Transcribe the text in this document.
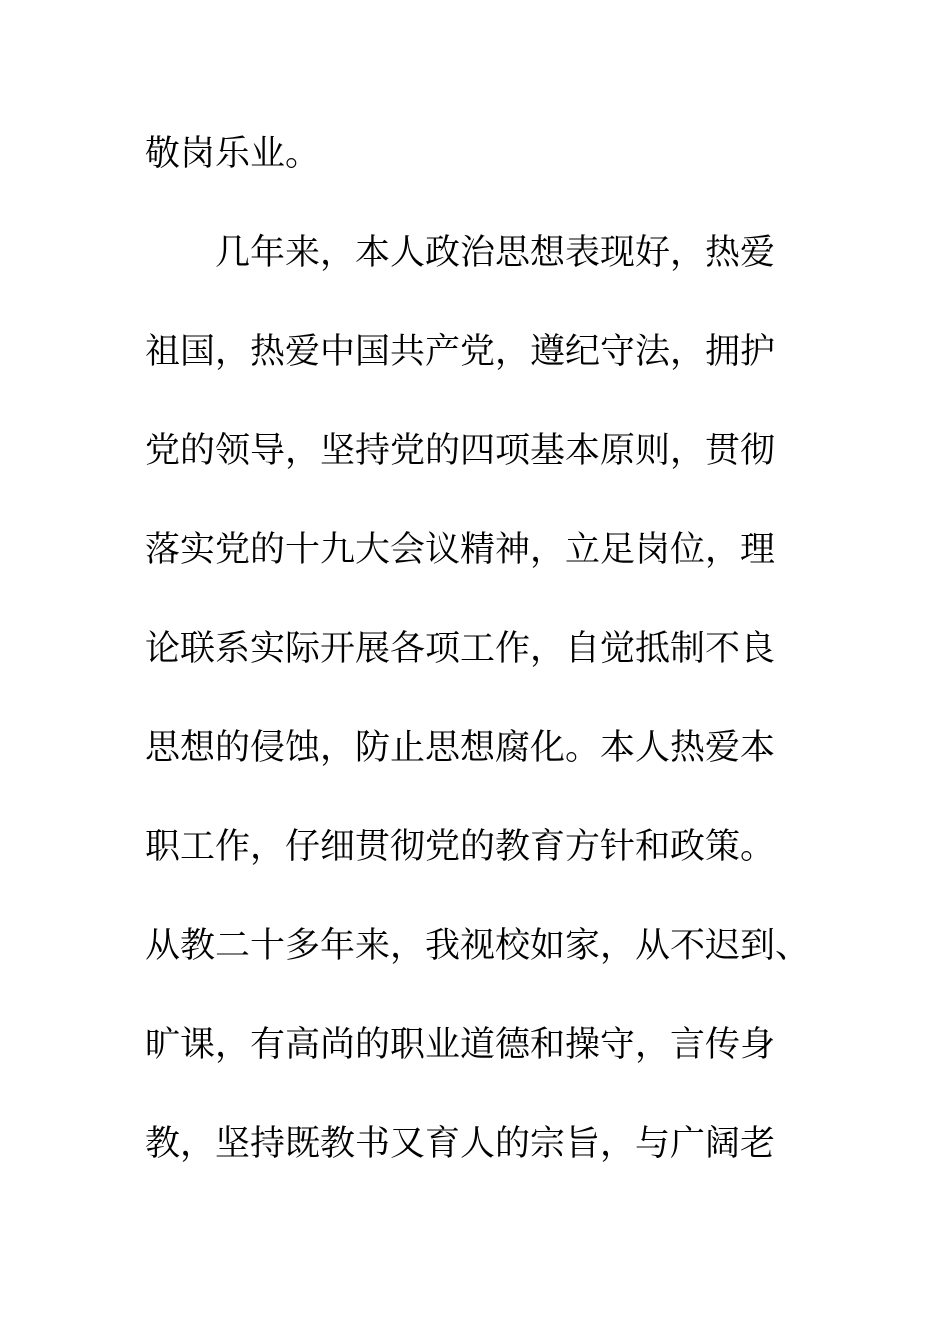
敬岗乐业。
几年来，本人政治思想表现好，热爱
祖国，热爱中国共产党，遵纪守法，拥护
党的领导，坚持党的四项基本原则，贯彻
落实党的十九大会议精神，立足岗位，理
论联系实际开展各项工作，自觉抵制不良
思想的侵蚀，防止思想腐化。本人热爱本
职工作，仔细贯彻党的教育方针和政策。
从教二十多年来，我视校如家，从不迟到、
旷课，有高尚的职业道德和操守，言传身
教，坚持既教书又育人的宗旨，与广阔老
